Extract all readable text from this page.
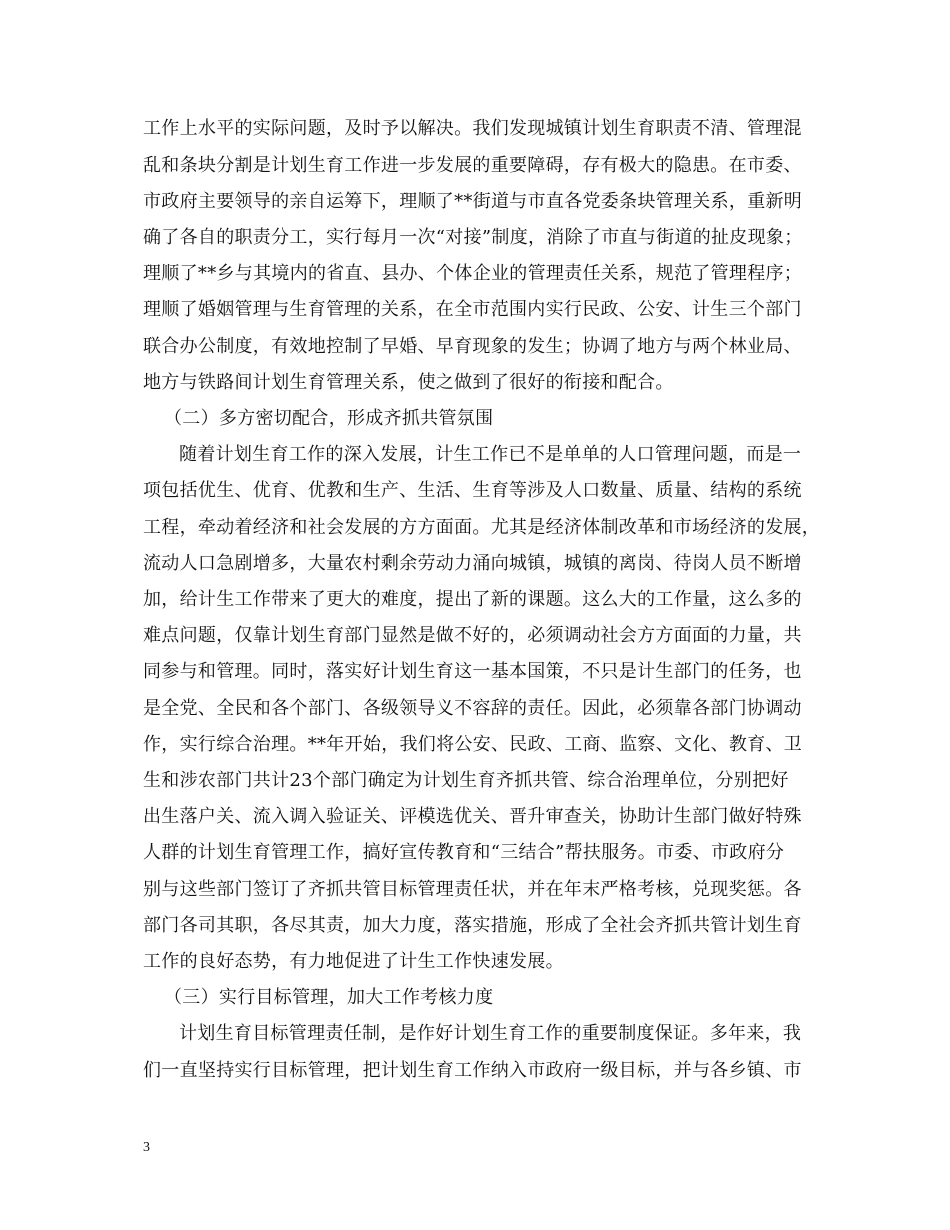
工作上水平的实际问题，及时予以解决。我们发现城镇计划生育职责不清、管理混
乱和条块分割是计划生育工作进一步发展的重要障碍，存有极大的隐患。在市委、
市政府主要领导的亲自运筹下，理顺了**街道与市直各党委条块管理关系，重新明
确了各自的职责分工，实行每月一次“对接”制度，消除了市直与街道的扯皮现象；
理顺了**乡与其境内的省直、县办、个体企业的管理责任关系，规范了管理程序；
理顺了婚姻管理与生育管理的关系，在全市范围内实行民政、公安、计生三个部门
联合办公制度，有效地控制了早婚、早育现象的发生；协调了地方与两个林业局、
地方与铁路间计划生育管理关系，使之做到了很好的衔接和配合。
（二）多方密切配合，形成齐抓共管氛围
随着计划生育工作的深入发展，计生工作已不是单单的人口管理问题，而是一
项包括优生、优育、优教和生产、生活、生育等涉及人口数量、质量、结构的系统
工程，牵动着经济和社会发展的方方面面。尤其是经济体制改革和市场经济的发展，
流动人口急剧增多，大量农村剩余劳动力涌向城镇，城镇的离岗、待岗人员不断增
加，给计生工作带来了更大的难度，提出了新的课题。这么大的工作量，这么多的
难点问题，仅靠计划生育部门显然是做不好的，必须调动社会方方面面的力量，共
同参与和管理。同时，落实好计划生育这一基本国策，不只是计生部门的任务，也
是全党、全民和各个部门、各级领导义不容辞的责任。因此，必须靠各部门协调动
作，实行综合治理。**年开始，我们将公安、民政、工商、监察、文化、教育、卫
生和涉农部门共计23个部门确定为计划生育齐抓共管、综合治理单位，分别把好
出生落户关、流入调入验证关、评模选优关、晋升审查关，协助计生部门做好特殊
人群的计划生育管理工作，搞好宣传教育和“三结合”帮扶服务。市委、市政府分
别与这些部门签订了齐抓共管目标管理责任状，并在年末严格考核，兑现奖惩。各
部门各司其职，各尽其责，加大力度，落实措施，形成了全社会齐抓共管计划生育
工作的良好态势，有力地促进了计生工作快速发展。
（三）实行目标管理，加大工作考核力度
计划生育目标管理责任制，是作好计划生育工作的重要制度保证。多年来，我
们一直坚持实行目标管理，把计划生育工作纳入市政府一级目标，并与各乡镇、市
3
